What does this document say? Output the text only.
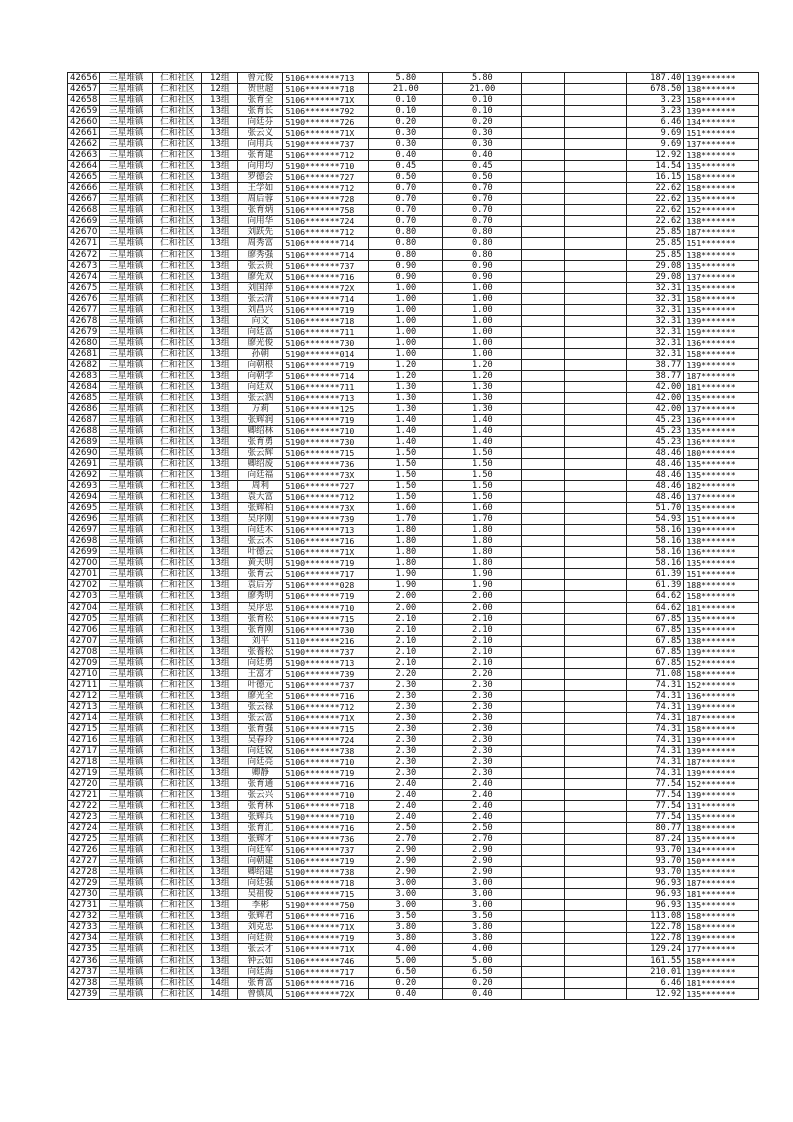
42656	三星堆镇	仁和社区	12组	曾元俊	5106*******713	5.80	5.80			187.40	139*******
42657	三星堆镇	仁和社区	12组	贺世超	5106*******718	21.00	21.00			678.50	138*******
42658	三星堆镇	仁和社区	13组	张育全	5106*******71X	0.10	0.10			3.23	158*******
42659	三星堆镇	仁和社区	13组	张育长	5106*******792	0.10	0.10			3.23	139*******
42660	三星堆镇	仁和社区	13组	向廷芬	5190*******726	0.20	0.20			6.46	134*******
42661	三星堆镇	仁和社区	13组	张云义	5106*******71X	0.30	0.30			9.69	151*******
42662	三星堆镇	仁和社区	13组	向用兵	5190*******737	0.30	0.30			9.69	137*******
42663	三星堆镇	仁和社区	13组	张育建	5106*******712	0.40	0.40			12.92	138*******
42664	三星堆镇	仁和社区	13组	向用均	5190*******710	0.45	0.45			14.54	135*******
42665	三星堆镇	仁和社区	13组	罗德会	5106*******727	0.50	0.50			16.15	158*******
42666	三星堆镇	仁和社区	13组	王学如	5106*******712	0.70	0.70			22.62	158*******
42667	三星堆镇	仁和社区	13组	周后蓉	5106*******728	0.70	0.70			22.62	135*******
42668	三星堆镇	仁和社区	13组	张育炳	5106*******758	0.70	0.70			22.62	152*******
42669	三星堆镇	仁和社区	13组	向用华	5106*******724	0.70	0.70			22.62	138*******
42670	三星堆镇	仁和社区	13组	刘跃先	5106*******712	0.80	0.80			25.85	187*******
42671	三星堆镇	仁和社区	13组	周秀富	5106*******714	0.80	0.80			25.85	151*******
42672	三星堆镇	仁和社区	13组	廖秀强	5106*******714	0.80	0.80			25.85	138*******
42673	三星堆镇	仁和社区	13组	张云贵	5106*******737	0.90	0.90			29.08	135*******
42674	三星堆镇	仁和社区	13组	廖先双	5106*******716	0.90	0.90			29.08	137*******
42675	三星堆镇	仁和社区	13组	刘国萍	5106*******72X	1.00	1.00			32.31	135*******
42676	三星堆镇	仁和社区	13组	张云清	5106*******714	1.00	1.00			32.31	158*******
42677	三星堆镇	仁和社区	13组	刘昌兴	5106*******719	1.00	1.00			32.31	135*******
42678	三星堆镇	仁和社区	13组	向文	5106*******718	1.00	1.00			32.31	139*******
42679	三星堆镇	仁和社区	13组	向廷富	5106*******711	1.00	1.00			32.31	159*******
42680	三星堆镇	仁和社区	13组	廖光俊	5106*******730	1.00	1.00			32.31	136*******
42681	三星堆镇	仁和社区	13组	孙朝	5190*******014	1.00	1.00			32.31	158*******
42682	三星堆镇	仁和社区	13组	向朝根	5106*******719	1.20	1.20			38.77	139*******
42683	三星堆镇	仁和社区	13组	向朝学	5106*******714	1.20	1.20			38.77	187*******
42684	三星堆镇	仁和社区	13组	向廷双	5106*******711	1.30	1.30			42.00	181*******
42685	三星堆镇	仁和社区	13组	张云泗	5106*******713	1.30	1.30			42.00	135*******
42686	三星堆镇	仁和社区	13组	万莉	5106*******125	1.30	1.30			42.00	137*******
42687	三星堆镇	仁和社区	13组	张辉润	5106*******719	1.40	1.40			45.23	136*******
42688	三星堆镇	仁和社区	13组	卿绍林	5106*******710	1.40	1.40			45.23	135*******
42689	三星堆镇	仁和社区	13组	张育勇	5190*******730	1.40	1.40			45.23	136*******
42690	三星堆镇	仁和社区	13组	张云辉	5106*******715	1.50	1.50			48.46	180*******
42691	三星堆镇	仁和社区	13组	卿绍废	5106*******736	1.50	1.50			48.46	135*******
42692	三星堆镇	仁和社区	13组	向廷福	5106*******73X	1.50	1.50			48.46	135*******
42693	三星堆镇	仁和社区	13组	周利	5106*******727	1.50	1.50			48.46	182*******
42694	三星堆镇	仁和社区	13组	袁大富	5106*******712	1.50	1.50			48.46	137*******
42695	三星堆镇	仁和社区	13组	张辉柏	5106*******73X	1.60	1.60			51.70	135*******
42696	三星堆镇	仁和社区	13组	吴序刚	5190*******739	1.70	1.70			54.93	151*******
42697	三星堆镇	仁和社区	13组	向廷木	5106*******713	1.80	1.80			58.16	139*******
42698	三星堆镇	仁和社区	13组	张云木	5106*******716	1.80	1.80			58.16	138*******
42699	三星堆镇	仁和社区	13组	叶德云	5106*******71X	1.80	1.80			58.16	136*******
42700	三星堆镇	仁和社区	13组	黄天明	5190*******719	1.80	1.80			58.16	135*******
42701	三星堆镇	仁和社区	13组	张育云	5106*******717	1.90	1.90			61.39	151*******
42702	三星堆镇	仁和社区	13组	袁后芳	5106*******028	1.90	1.90			61.39	188*******
42703	三星堆镇	仁和社区	13组	廖秀明	5106*******719	2.00	2.00			64.62	158*******
42704	三星堆镇	仁和社区	13组	吴序忠	5106*******710	2.00	2.00			64.62	181*******
42705	三星堆镇	仁和社区	13组	张育松	5106*******715	2.10	2.10			67.85	135*******
42706	三星堆镇	仁和社区	13组	张育刚	5106*******730	2.10	2.10			67.85	135*******
42707	三星堆镇	仁和社区	13组	刘平	5110*******216	2.10	2.10			67.85	138*******
42708	三星堆镇	仁和社区	13组	张養松	5190*******737	2.10	2.10			67.85	139*******
42709	三星堆镇	仁和社区	13组	向廷勇	5190*******713	2.10	2.10			67.85	152*******
42710	三星堆镇	仁和社区	13组	王富才	5106*******739	2.20	2.20			71.08	158*******
42711	三星堆镇	仁和社区	13组	叶德元	5106*******737	2.30	2.30			74.31	152*******
42712	三星堆镇	仁和社区	13组	廖光全	5106*******716	2.30	2.30			74.31	136*******
42713	三星堆镇	仁和社区	13组	张云禄	5106*******712	2.30	2.30			74.31	139*******
42714	三星堆镇	仁和社区	13组	张云富	5106*******71X	2.30	2.30			74.31	187*******
42715	三星堆镇	仁和社区	13组	张育强	5106*******715	2.30	2.30			74.31	158*******
42716	三星堆镇	仁和社区	13组	吴春玲	5106*******724	2.30	2.30			74.31	139*******
42717	三星堆镇	仁和社区	13组	向廷锐	5106*******738	2.30	2.30			74.31	139*******
42718	三星堆镇	仁和社区	13组	向廷亮	5106*******710	2.30	2.30			74.31	187*******
42719	三星堆镇	仁和社区	13组	卿静	5106*******719	2.30	2.30			74.31	139*******
42720	三星堆镇	仁和社区	13组	张育通	5106*******716	2.40	2.40			77.54	152*******
42721	三星堆镇	仁和社区	13组	张云兴	5106*******710	2.40	2.40			77.54	139*******
42722	三星堆镇	仁和社区	13组	张育林	5106*******718	2.40	2.40			77.54	131*******
42723	三星堆镇	仁和社区	13组	张辉兵	5190*******710	2.40	2.40			77.54	135*******
42724	三星堆镇	仁和社区	13组	张育汇	5106*******716	2.50	2.50			80.77	138*******
42725	三星堆镇	仁和社区	13组	张辉才	5106*******736	2.70	2.70			87.24	135*******
42726	三星堆镇	仁和社区	13组	向廷军	5106*******737	2.90	2.90			93.70	134*******
42727	三星堆镇	仁和社区	13组	向朝建	5106*******719	2.90	2.90			93.70	150*******
42728	三星堆镇	仁和社区	13组	卿绍建	5190*******738	2.90	2.90			93.70	135*******
42729	三星堆镇	仁和社区	13组	向廷强	5106*******718	3.00	3.00			96.93	187*******
42730	三星堆镇	仁和社区	13组	吴祖俊	5106*******715	3.00	3.00			96.93	181*******
42731	三星堆镇	仁和社区	13组	李彬	5190*******750	3.00	3.00			96.93	135*******
42732	三星堆镇	仁和社区	13组	张辉君	5106*******716	3.50	3.50			113.08	158*******
42733	三星堆镇	仁和社区	13组	刘克忠	5106*******71X	3.80	3.80			122.78	158*******
42734	三星堆镇	仁和社区	13组	向廷贵	5106*******719	3.80	3.80			122.78	139*******
42735	三星堆镇	仁和社区	13组	张云才	5106*******71X	4.00	4.00			129.24	177*******
42736	三星堆镇	仁和社区	13组	钟云如	5106*******746	5.00	5.00			161.55	158*******
42737	三星堆镇	仁和社区	13组	向廷海	5106*******717	6.50	6.50			210.01	139*******
42738	三星堆镇	仁和社区	14组	张育富	5106*******716	0.20	0.20			6.46	181*******
42739	三星堆镇	仁和社区	14组	曾慎凤	5106*******72X	0.40	0.40			12.92	135*******
